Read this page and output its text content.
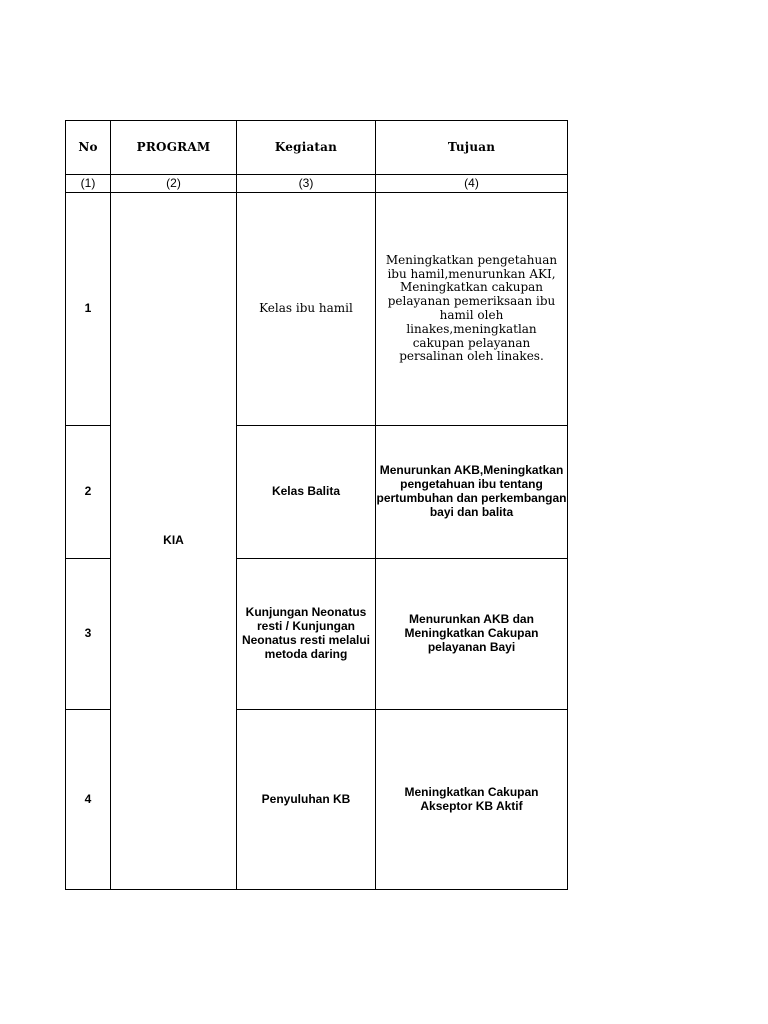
No	PROGRAM	Kegiatan	Tujuan
(1)	(2)	(3)	(4)
1	KIA	Kelas ibu hamil	Meningkatkan pengetahuan ibu hamil,menurunkan AKI, Meningkatkan cakupan pelayanan pemeriksaan ibu hamil oleh linakes,meningkatlan cakupan pelayanan persalinan oleh linakes.
2		Kelas Balita	Menurunkan AKB,Meningkatkan pengetahuan ibu tentang pertumbuhan dan perkembangan bayi dan balita
3		Kunjungan Neonatus resti / Kunjungan Neonatus resti melalui metoda daring	Menurunkan AKB dan Meningkatkan Cakupan pelayanan Bayi
4		Penyuluhan KB	Meningkatkan Cakupan Akseptor KB Aktif
